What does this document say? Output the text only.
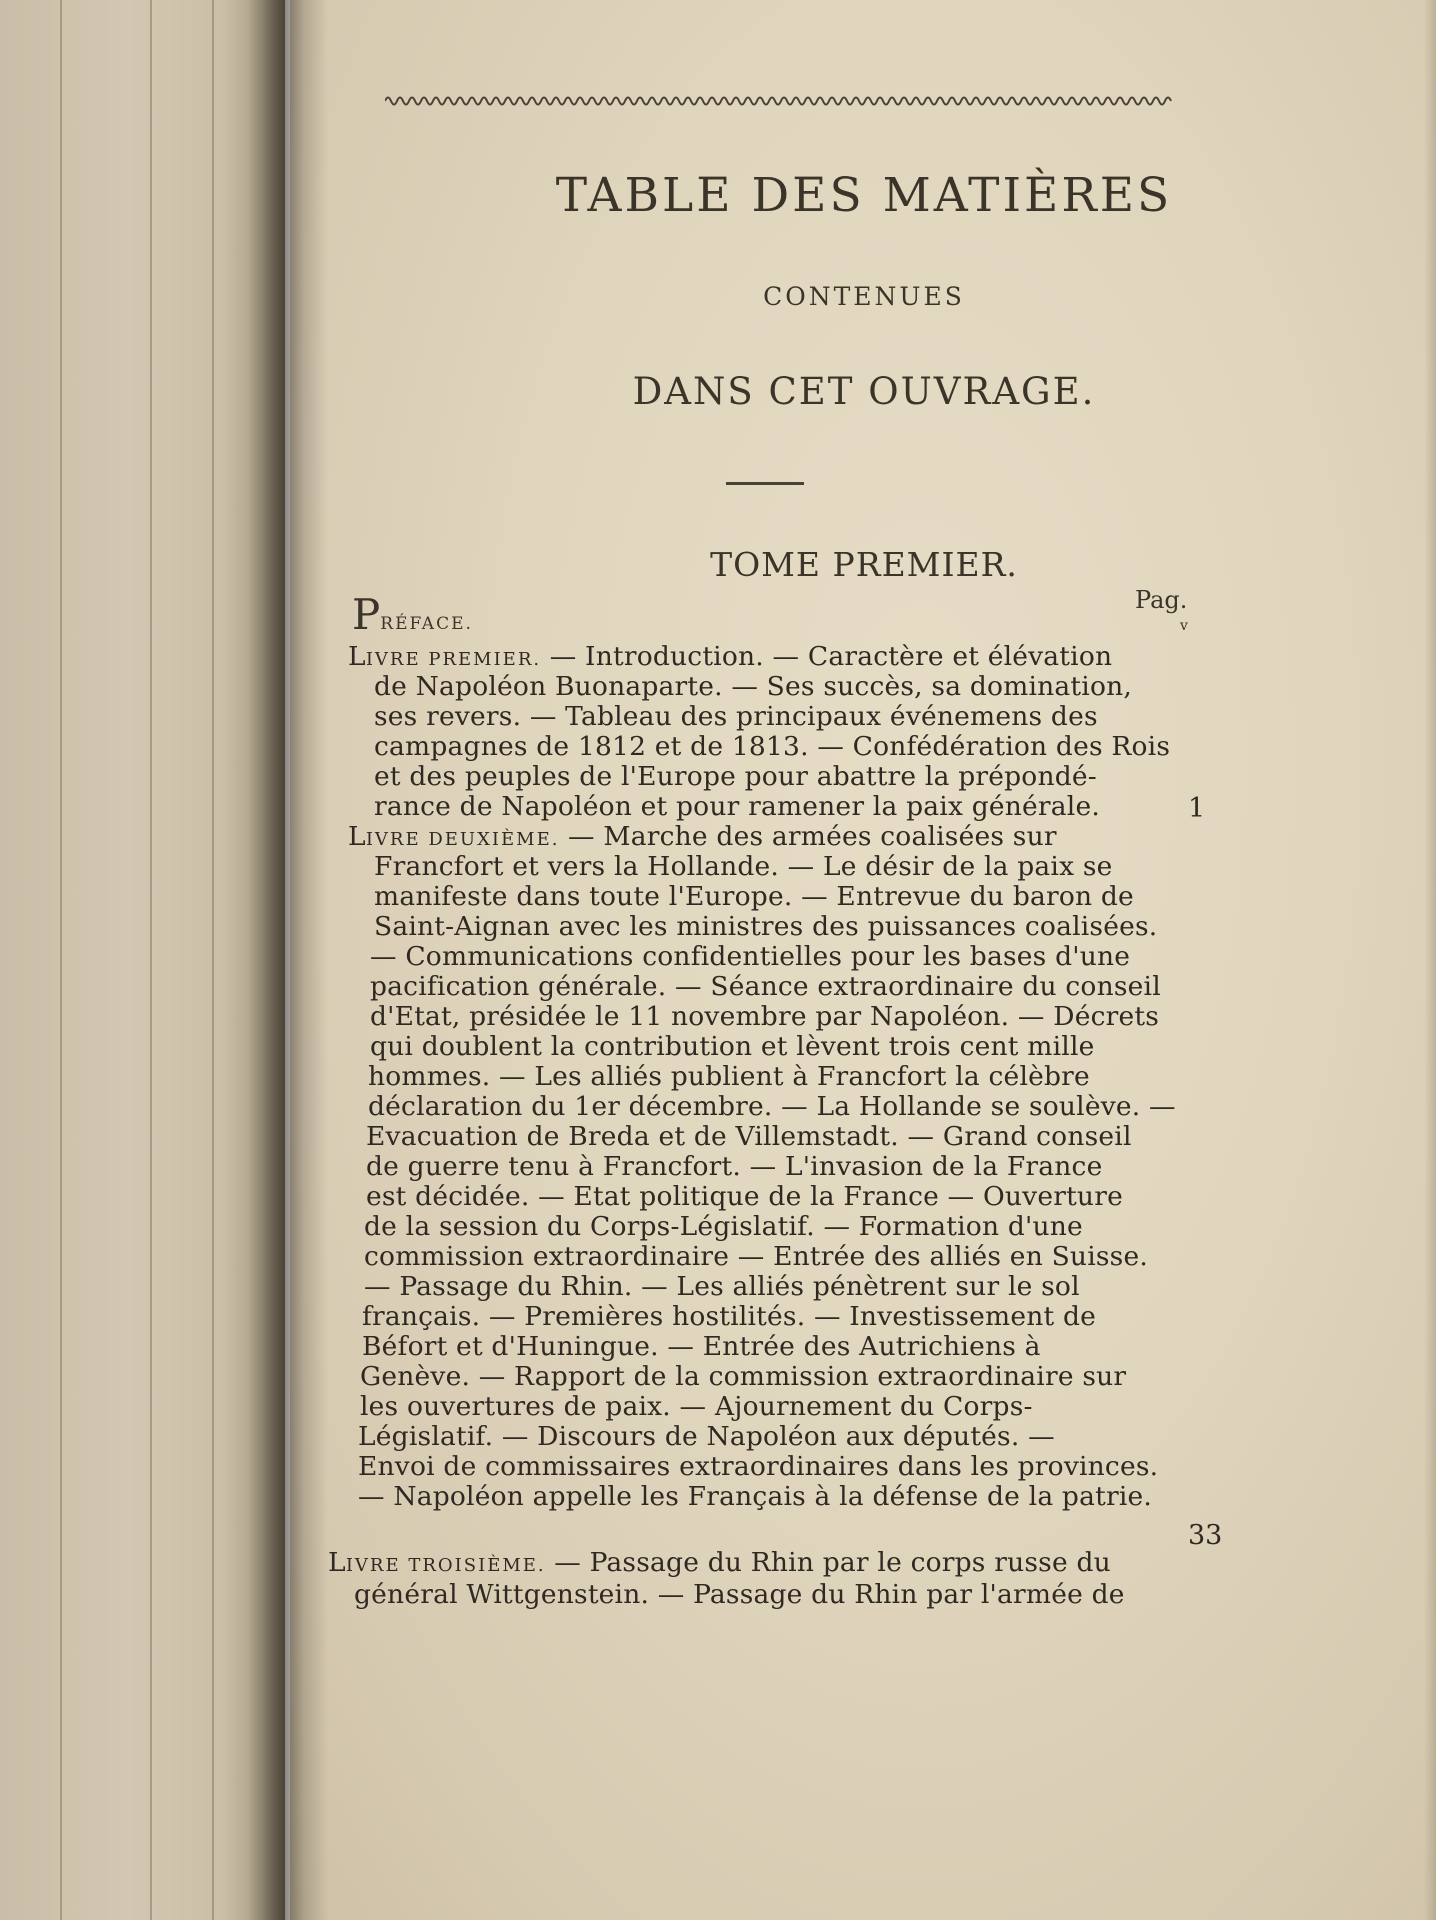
TABLE DES MATIÈRES
CONTENUES
DANS CET OUVRAGE.
TOME PREMIER.
Pag.
v
PRÉFACE.
LIVRE PREMIER. — Introduction. — Caractère et élévation
de Napoléon Buonaparte. — Ses succès, sa domination,
ses revers. — Tableau des principaux événemens des
campagnes de 1812 et de 1813. — Confédération des Rois
et des peuples de l'Europe pour abattre la prépondé-
rance de Napoléon et pour ramener la paix générale.	1
LIVRE DEUXIÈME. — Marche des armées coalisées sur
Francfort et vers la Hollande. — Le désir de la paix se
manifeste dans toute l'Europe. — Entrevue du baron de
Saint-Aignan avec les ministres des puissances coalisées.
— Communications confidentielles pour les bases d'une
pacification générale. — Séance extraordinaire du conseil
d'Etat, présidée le 11 novembre par Napoléon. — Décrets
qui doublent la contribution et lèvent trois cent mille
hommes. — Les alliés publient à Francfort la célèbre
déclaration du 1er décembre. — La Hollande se soulève. —
Evacuation de Breda et de Villemstadt. — Grand conseil
de guerre tenu à Francfort. — L'invasion de la France
est décidée. — Etat politique de la France — Ouverture
de la session du Corps-Législatif. — Formation d'une
commission extraordinaire — Entrée des alliés en Suisse.
— Passage du Rhin. — Les alliés pénètrent sur le sol
français. — Premières hostilités. — Investissement de
Béfort et d'Huningue. — Entrée des Autrichiens à
Genève. — Rapport de la commission extraordinaire sur
les ouvertures de paix. — Ajournement du Corps-
Législatif. — Discours de Napoléon aux députés. —
Envoi de commissaires extraordinaires dans les provinces.
— Napoléon appelle les Français à la défense de la patrie.
33
LIVRE TROISIÈME. — Passage du Rhin par le corps russe du
général Wittgenstein. — Passage du Rhin par l'armée de
